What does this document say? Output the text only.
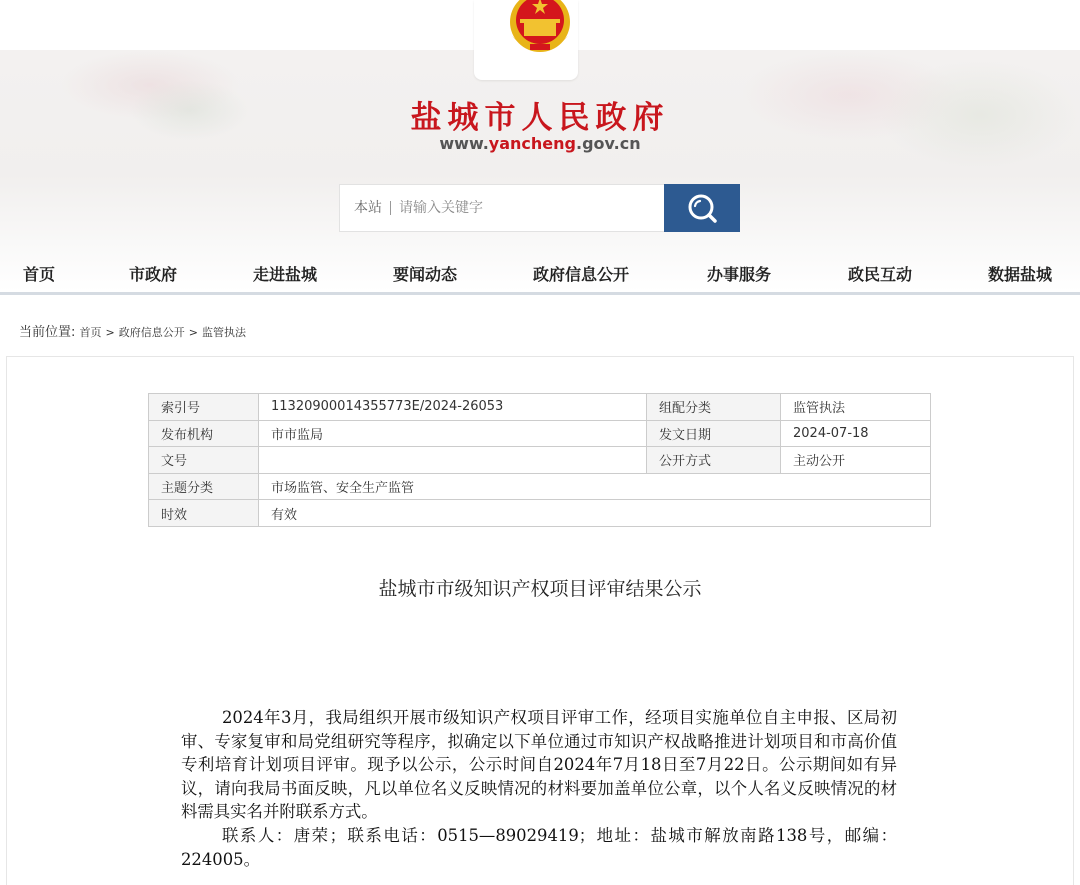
盐城市人民政府
www.yancheng.gov.cn
本站
请输入关键字
首页	市政府	走进盐城	要闻动态	政府信息公开	办事服务	政民互动	数据盐城
当前位置: 首页 > 政府信息公开 > 监管执法
索引号	11320900014355773E/2024-26053	组配分类	监管执法
发布机构	市市监局	发文日期	2024-07-18
文号		公开方式	主动公开
主题分类	市场监管、安全生产监管		
时效	有效		
盐城市市级知识产权项目评审结果公示

2024年3月，我局组织开展市级知识产权项目评审工作，经项目实施单位自主申报、区局初审、专家复审和局党组研究等程序，拟确定以下单位通过市知识产权战略推进计划项目和市高价值专利培育计划项目评审。现予以公示，公示时间自2024年7月18日至7月22日。公示期间如有异议，请向我局书面反映，凡以单位名义反映情况的材料要加盖单位公章，以个人名义反映情况的材料需具实名并附联系方式。

联系人：唐荣；联系电话：0515—89029419；地址：盐城市解放南路138号，邮编：224005。
